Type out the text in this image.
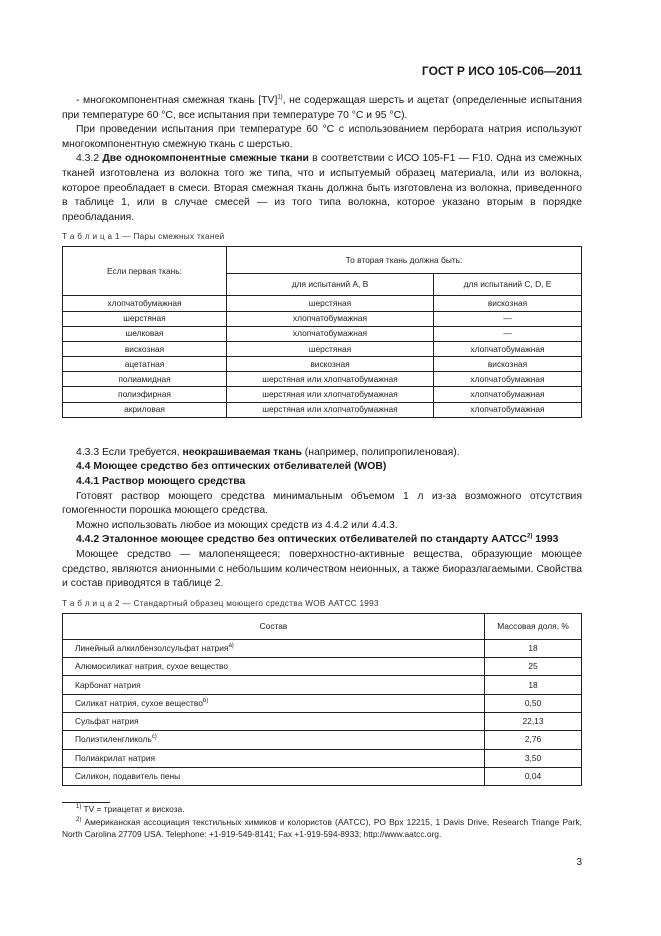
ГОСТ Р ИСО 105-С06—2011

- многокомпонентная смежная ткань [TV]$^{1)}$, не содержащая шерсть и ацетат (определенные испытания при температуре 60 °С, все испытания при температуре 70 °С и 95 °С).

При проведении испытания при температуре 60 °С с использованием пербората натрия используют многокомпонентную смежную ткань с шерстью.

4.3.2 Две однокомпонентные смежные ткани в соответствии с ИСО 105-F1 — F10. Одна из смежных тканей изготовлена из волокна того же типа, что и испытуемый образец материала, или из волокна, которое преобладает в смеси. Вторая смежная ткань должна быть изготовлена из волокна, приведенного в таблице 1, или в случае смесей — из того типа волокна, которое указано вторым в порядке преобладания.

Т а б л и ц а 1 — Пары смежных тканей
Если первая ткань:	То вторая ткань должна быть:	
	для испытаний А, В	для испытаний С, D, Е
хлопчатобумажная	шерстяная	вискозная
шерстяная	хлопчатобумажная	—
шелковая	хлопчатобумажная	—
вискозная	шерстяная	хлопчатобумажная
ацетатная	вискозная	вискозная
полиамидная	шерстяная или хлопчатобумажная	хлопчатобумажная
полиэфирная	шерстяная или хлопчатобумажная	хлопчатобумажная
акриловая	шерстяная или хлопчатобумажная	хлопчатобумажная

4.3.3 Если требуется, неокрашиваемая ткань (например, полипропиленовая).

4.4 Моющее средство без оптических отбеливателей (WOB)

4.4.1 Раствор моющего средства

Готовят раствор моющего средства минимальным объемом 1 л из-за возможного отсутствия гомогенности порошка моющего средства.

Можно использовать любое из моющих средств из 4.4.2 или 4.4.3.

4.4.2 Эталонное моющее средство без оптических отбеливателей по стандарту ААТСС$^{2)}$ 1993

Моющее средство — малопенящееся; поверхностно-активные вещества, образующие моющее средство, являются анионными с небольшим количеством неионных, а также биоразлагаемыми. Свойства и состав приводятся в таблице 2.

Т а б л и ц а 2 — Стандартный образец моющего средства WOB ААТСС 1993
Состав	Массовая доля, %
Линейный алкилбензолсульфат натрия$^{a)}$	18
Алюмосиликат натрия, сухое вещество	25
Карбонат натрия	18
Силикат натрия, сухое вещество$^{b)}$	0,50
Сульфат натрия	22,13
Полиэтиленгликоль$^{c)}$	2,76
Полиакрилат натрия	3,50
Силикон, подавитель пены	0,04
$^{1)}$ TV = триацетат и вискоза.
$^{2)}$ Американская ассоциация текстильных химиков и колористов (ААТСС), PO Bpx 12215, 1 Davis Drive, Research Triange Park, North Carolina 27709 USA. Telephone: +1-919-549-8141; Fax +1-919-594-8933; http://www.aatcc.org.
3
